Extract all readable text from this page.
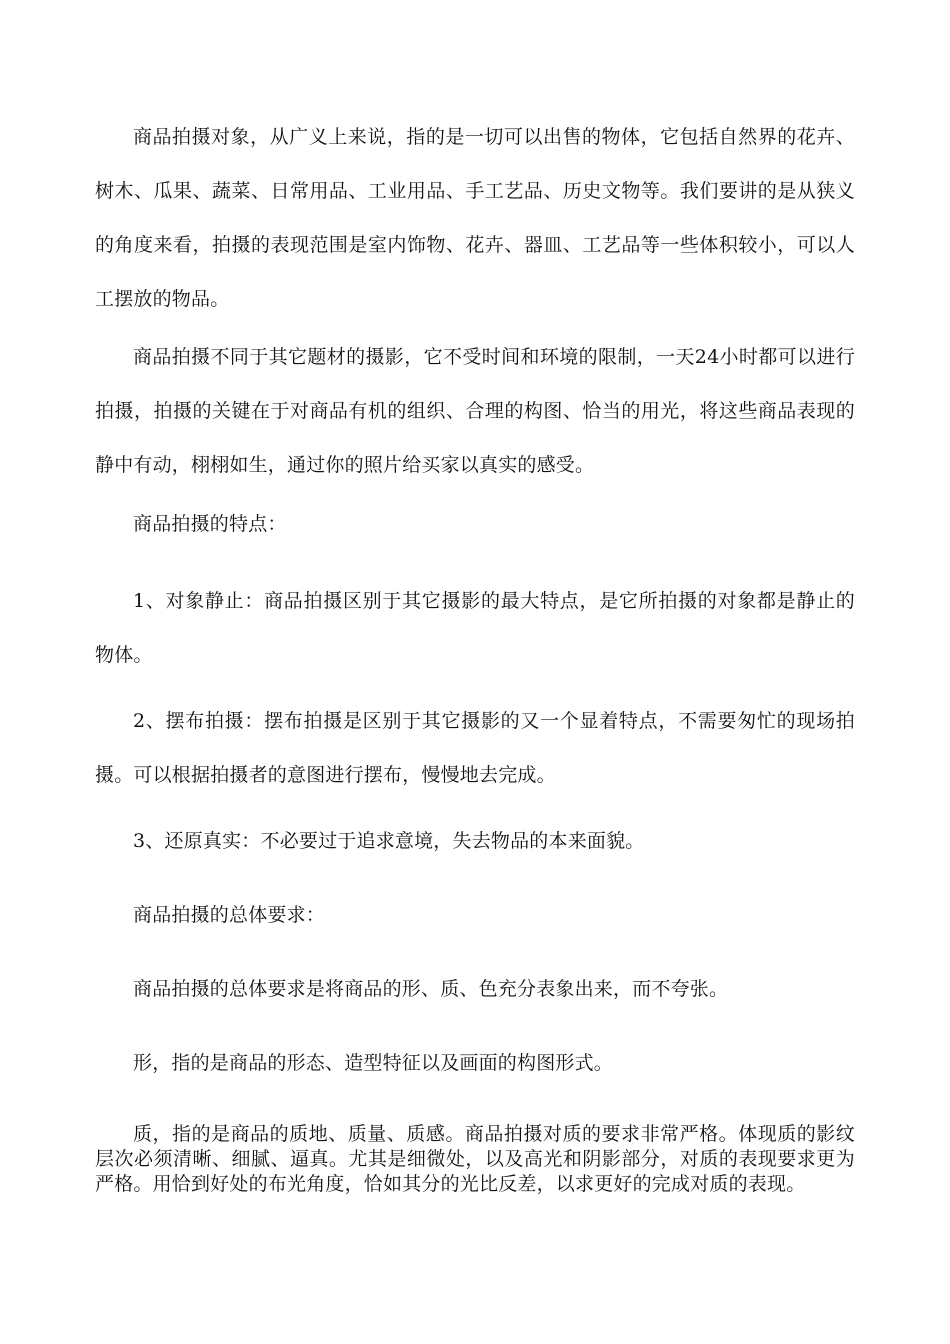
商品拍摄对象，从广义上来说，指的是一切可以出售的物体，它包括自然界的花卉、树木、瓜果、蔬菜、日常用品、工业用品、手工艺品、历史文物等。我们要讲的是从狭义的角度来看，拍摄的表现范围是室内饰物、花卉、器皿、工艺品等一些体积较小，可以人工摆放的物品。

商品拍摄不同于其它题材的摄影，它不受时间和环境的限制，一天24小时都可以进行拍摄，拍摄的关键在于对商品有机的组织、合理的构图、恰当的用光，将这些商品表现的静中有动，栩栩如生，通过你的照片给买家以真实的感受。

商品拍摄的特点：

1、对象静止：商品拍摄区别于其它摄影的最大特点，是它所拍摄的对象都是静止的物体。

2、摆布拍摄：摆布拍摄是区别于其它摄影的又一个显着特点，不需要匆忙的现场拍摄。可以根据拍摄者的意图进行摆布，慢慢地去完成。

3、还原真实：不必要过于追求意境，失去物品的本来面貌。

商品拍摄的总体要求：

商品拍摄的总体要求是将商品的形、质、色充分表象出来，而不夸张。

形，指的是商品的形态、造型特征以及画面的构图形式。

质，指的是商品的质地、质量、质感。商品拍摄对质的要求非常严格。体现质的影纹层次必须清晰、细腻、逼真。尤其是细微处，以及高光和阴影部分，对质的表现要求更为严格。用恰到好处的布光角度，恰如其分的光比反差，以求更好的完成对质的表现。
